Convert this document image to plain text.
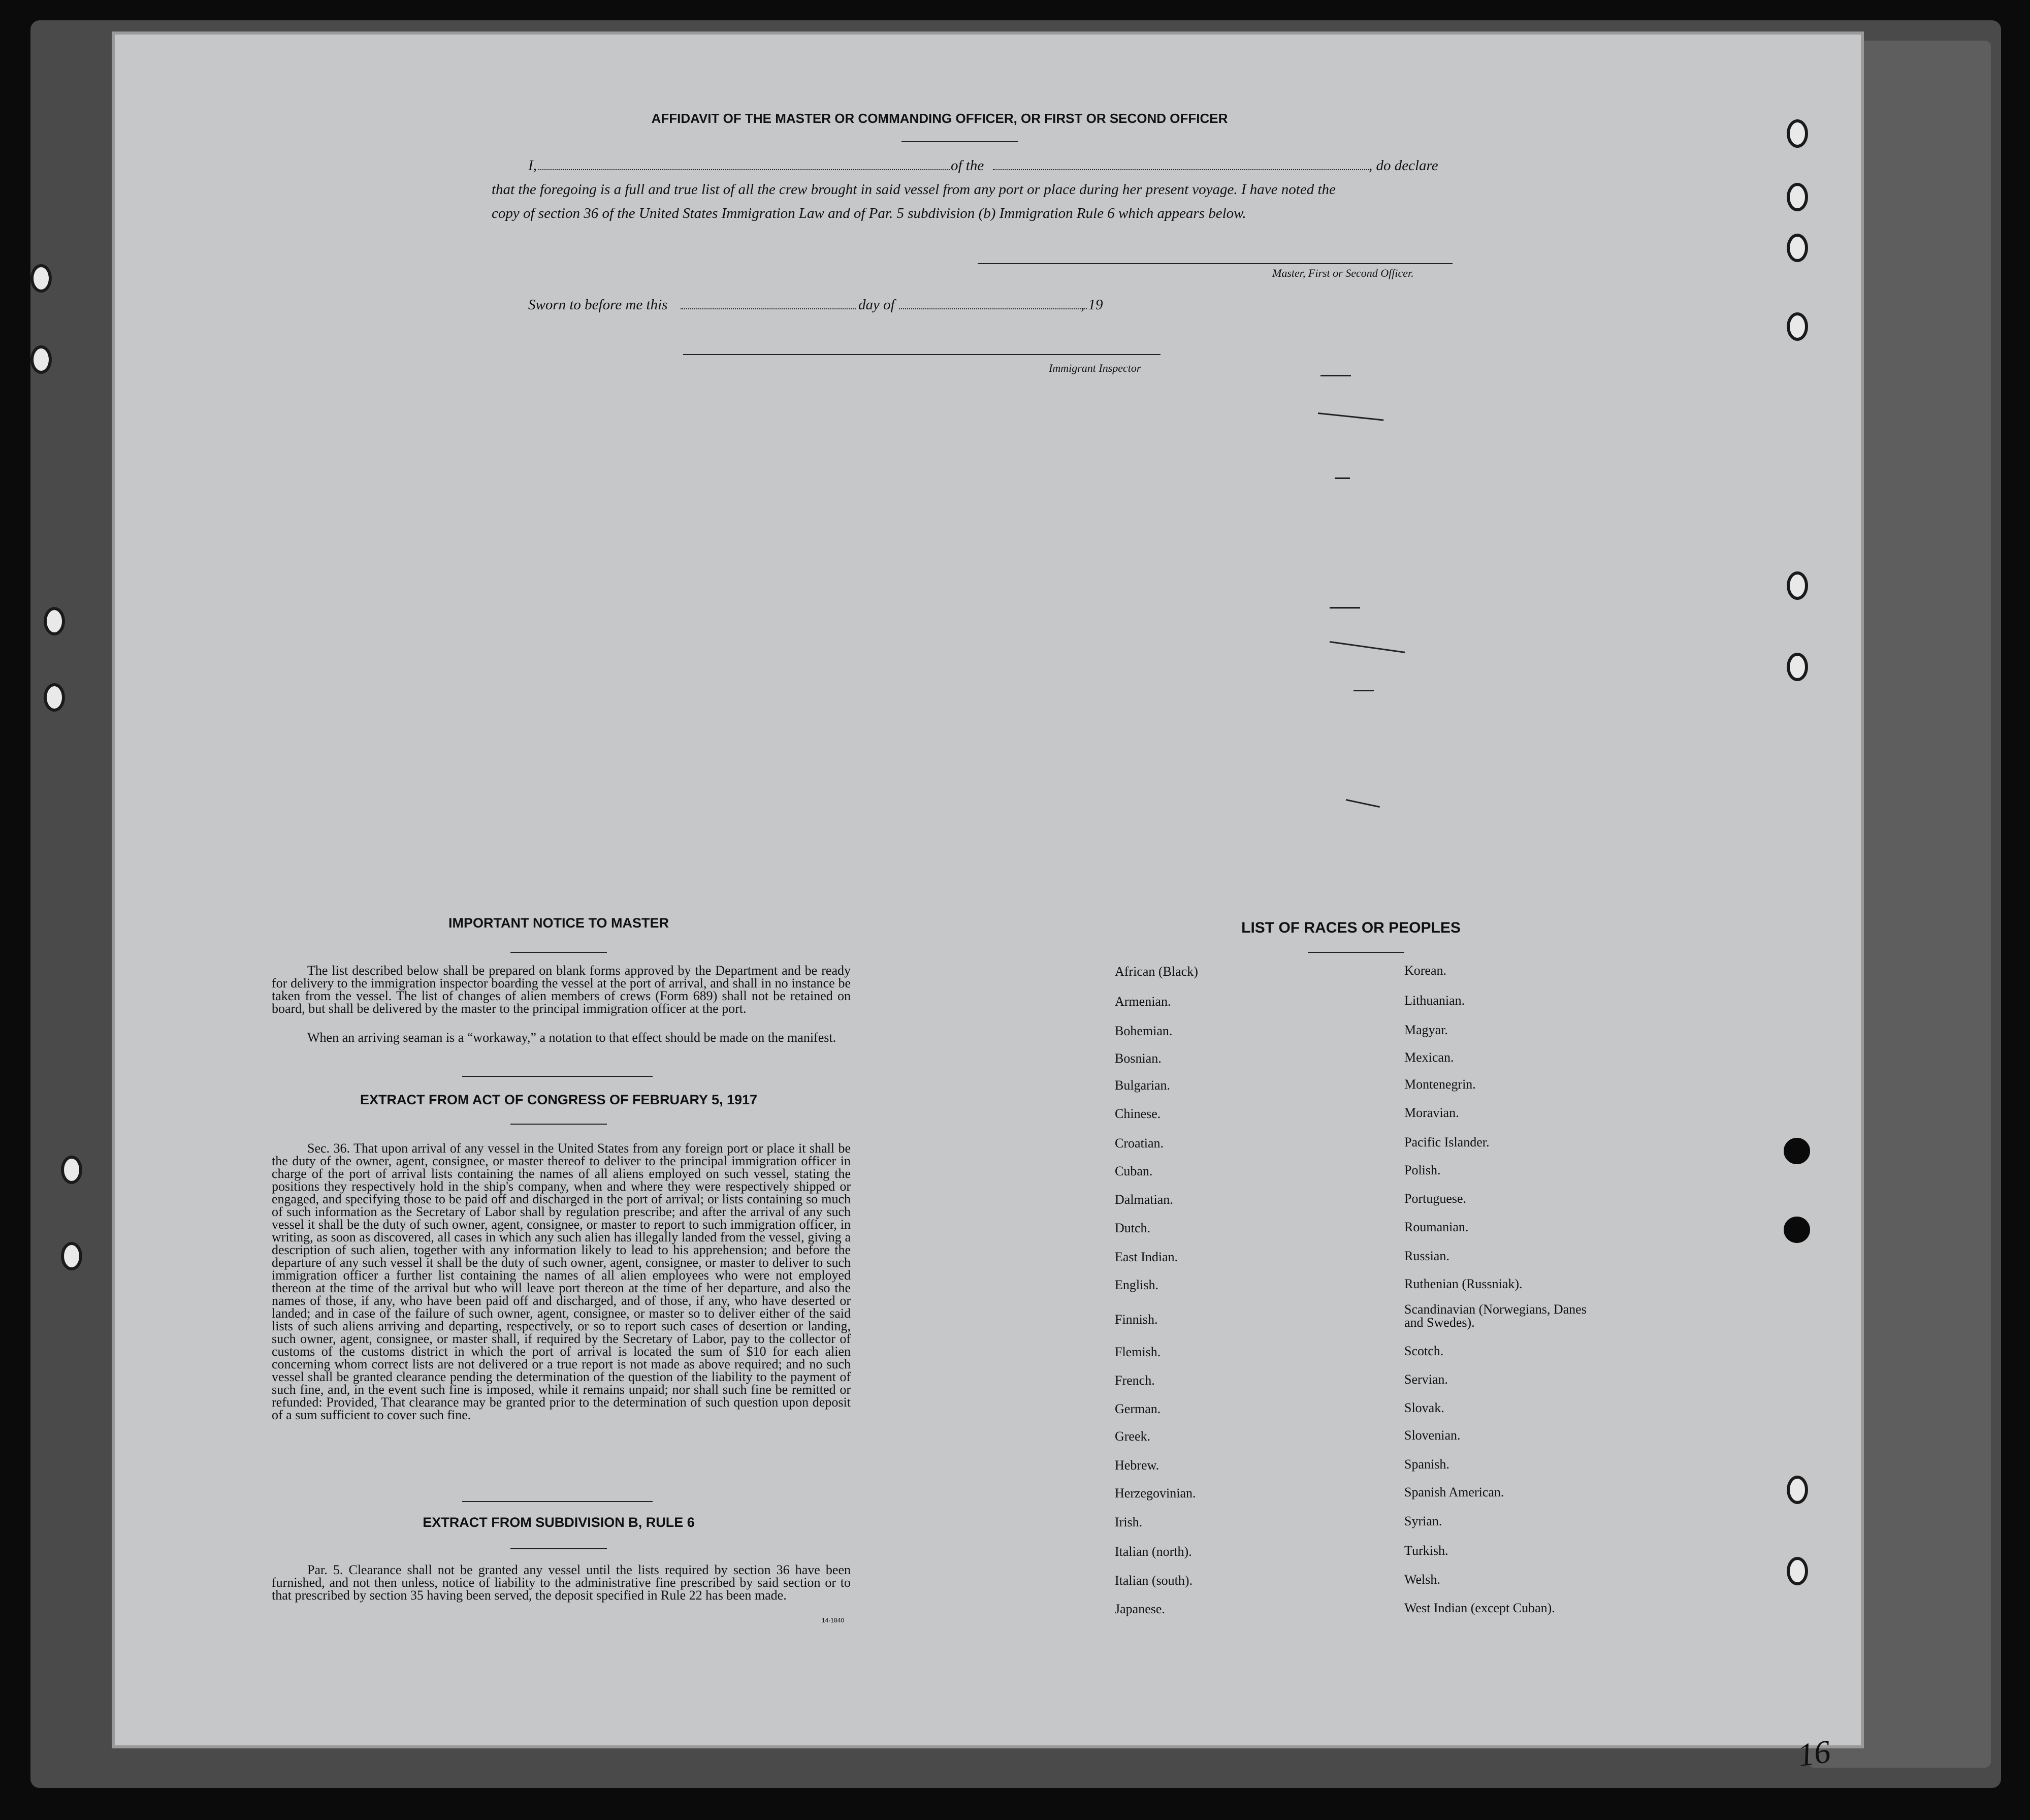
AFFIDAVIT OF THE MASTER OR COMMANDING OFFICER, OR FIRST OR SECOND OFFICER
I,	of the	, do declare
that the foregoing is a full and true list of all the crew brought in said vessel from any port or place during her present voyage. I have noted the
copy of section 36 of the United States Immigration Law and of Par. 5 subdivision (b) Immigration Rule 6 which appears below.
Master, First or Second Officer.
Sworn to before me this	day of	, 19
Immigrant Inspector
IMPORTANT NOTICE TO MASTER
The list described below shall be prepared on blank forms approved by the Department and be ready for delivery to the immigration inspector boarding the vessel at the port of arrival, and shall in no instance be taken from the vessel. The list of changes of alien members of crews (Form 689) shall not be retained on board, but shall be delivered by the master to the principal immigration officer at the port.
When an arriving seaman is a “workaway,” a notation to that effect should be made on the manifest.
EXTRACT FROM ACT OF CONGRESS OF FEBRUARY 5, 1917
Sec. 36. That upon arrival of any vessel in the United States from any foreign port or place it shall be the duty of the owner, agent, consignee, or master thereof to deliver to the principal immigration officer in charge of the port of arrival lists containing the names of all aliens employed on such vessel, stating the positions they respectively hold in the ship's company, when and where they were respectively shipped or engaged, and specifying those to be paid off and discharged in the port of arrival; or lists containing so much of such information as the Secretary of Labor shall by regulation prescribe; and after the arrival of any such vessel it shall be the duty of such owner, agent, consignee, or master to report to such immigration officer, in writing, as soon as discovered, all cases in which any such alien has illegally landed from the vessel, giving a description of such alien, together with any information likely to lead to his apprehension; and before the departure of any such vessel it shall be the duty of such owner, agent, consignee, or master to deliver to such immigration officer a further list containing the names of all alien employees who were not employed thereon at the time of the arrival but who will leave port thereon at the time of her departure, and also the names of those, if any, who have been paid off and discharged, and of those, if any, who have deserted or landed; and in case of the failure of such owner, agent, consignee, or master so to deliver either of the said lists of such aliens arriving and departing, respectively, or so to report such cases of desertion or landing, such owner, agent, consignee, or master shall, if required by the Secretary of Labor, pay to the collector of customs of the customs district in which the port of arrival is located the sum of $10 for each alien concerning whom correct lists are not delivered or a true report is not made as above required; and no such vessel shall be granted clearance pending the determination of the question of the liability to the payment of such fine, and, in the event such fine is imposed, while it remains unpaid; nor shall such fine be remitted or refunded: Provided, That clearance may be granted prior to the determination of such question upon deposit of a sum sufficient to cover such fine.
EXTRACT FROM SUBDIVISION B, RULE 6
Par. 5. Clearance shall not be granted any vessel until the lists required by section 36 have been furnished, and not then unless, notice of liability to the administrative fine prescribed by said section or to that prescribed by section 35 having been served, the deposit specified in Rule 22 has been made.
14-1840
LIST OF RACES OR PEOPLES
African (Black)
Armenian.
Bohemian.
Bosnian.
Bulgarian.
Chinese.
Croatian.
Cuban.
Dalmatian.
Dutch.
East Indian.
English.
Finnish.
Flemish.
French.
German.
Greek.
Hebrew.
Herzegovinian.
Irish.
Italian (north).
Italian (south).
Japanese.
Korean.
Lithuanian.
Magyar.
Mexican.
Montenegrin.
Moravian.
Pacific Islander.
Polish.
Portuguese.
Roumanian.
Russian.
Ruthenian (Russniak).
Scandinavian (Norwegians, Danes and Swedes).
Scotch.
Servian.
Slovak.
Slovenian.
Spanish.
Spanish American.
Syrian.
Turkish.
Welsh.
West Indian (except Cuban).
16
